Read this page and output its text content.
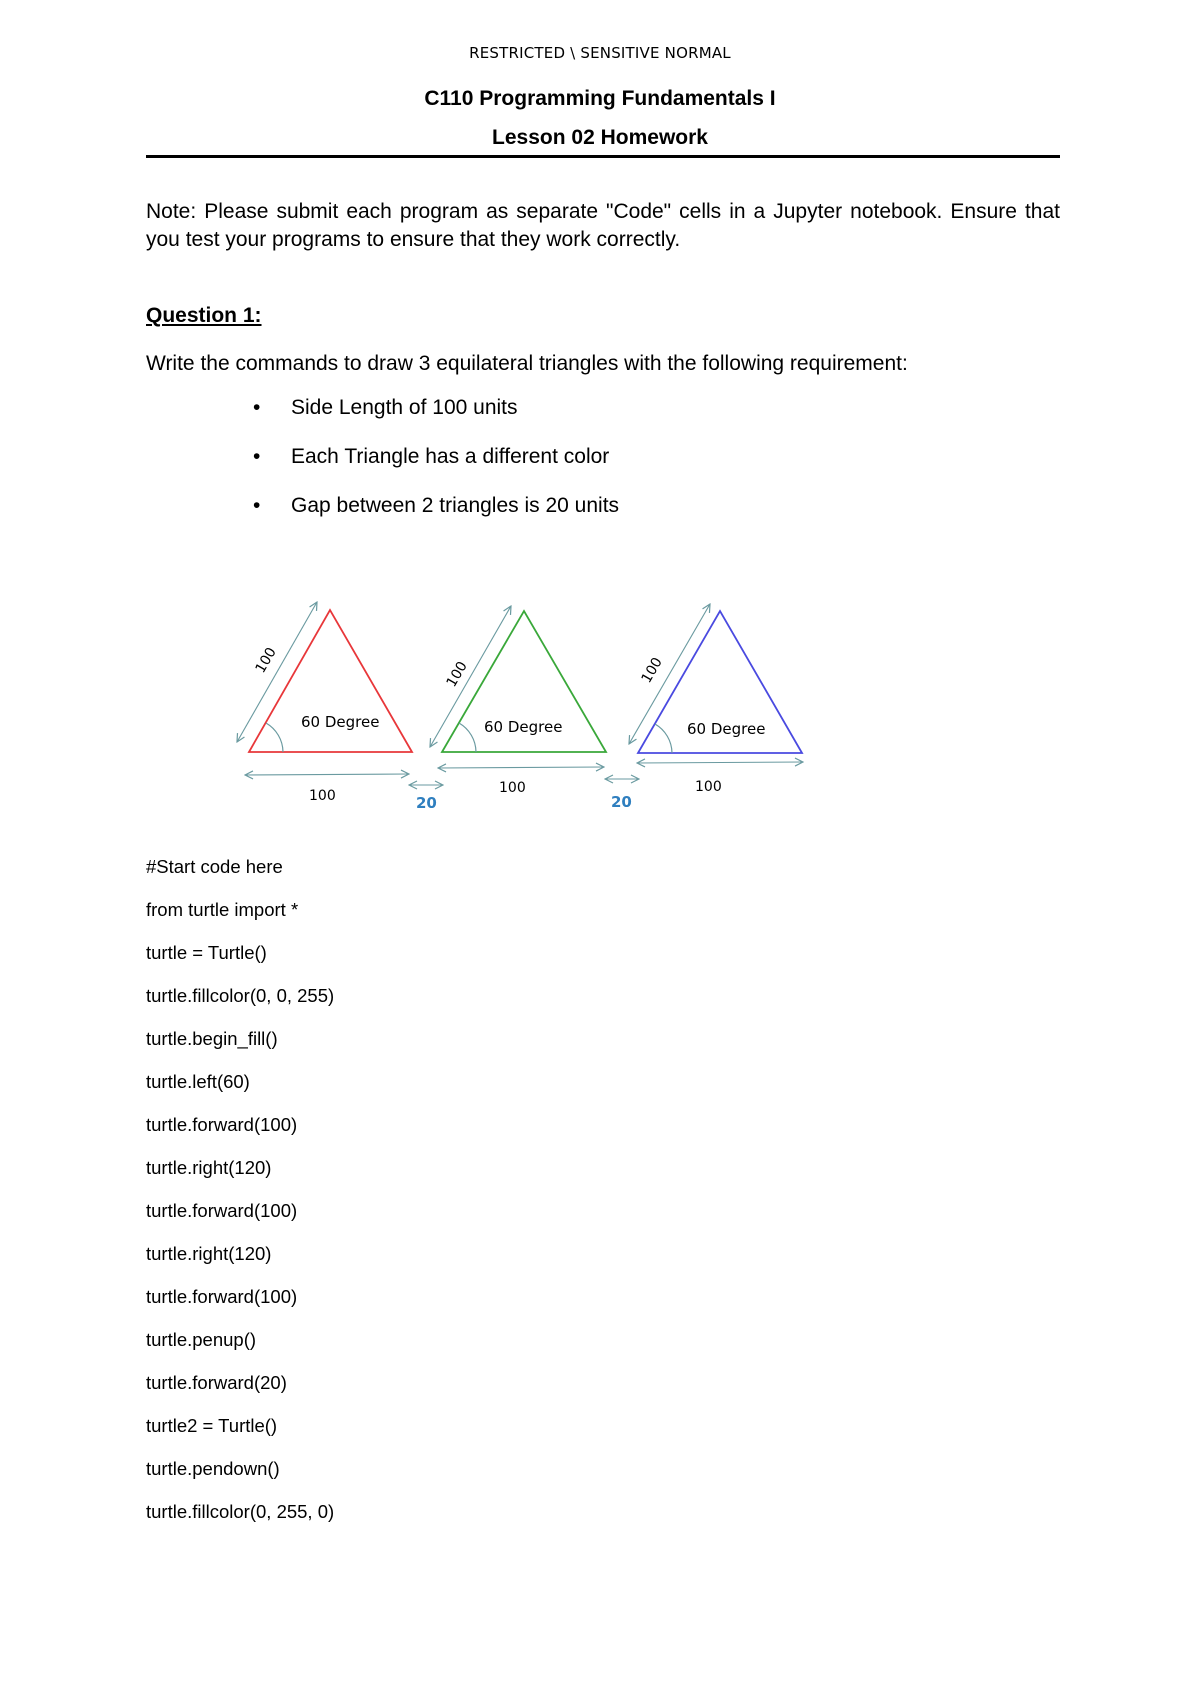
RESTRICTED \ SENSITIVE NORMAL
C110 Programming Fundamentals I
Lesson 02 Homework
Note: Please submit each program as separate "Code" cells in a Jupyter notebook. Ensure that you test your programs to ensure that they work correctly.
Question 1:
Write the commands to draw 3 equilateral triangles with the following requirement:
• Side Length of 100 units
• Each Triangle has a different color
• Gap between 2 triangles is 20 units
100
60 Degree
100	20
100
60 Degree
100
20
100
60 Degree
100
#Start code here
from turtle import *
turtle = Turtle()
turtle.fillcolor(0, 0, 255)
turtle.begin_fill()
turtle.left(60)
turtle.forward(100)
turtle.right(120)
turtle.forward(100)
turtle.right(120)
turtle.forward(100)
turtle.penup()
turtle.forward(20)
turtle2 = Turtle()
turtle.pendown()
turtle.fillcolor(0, 255, 0)
